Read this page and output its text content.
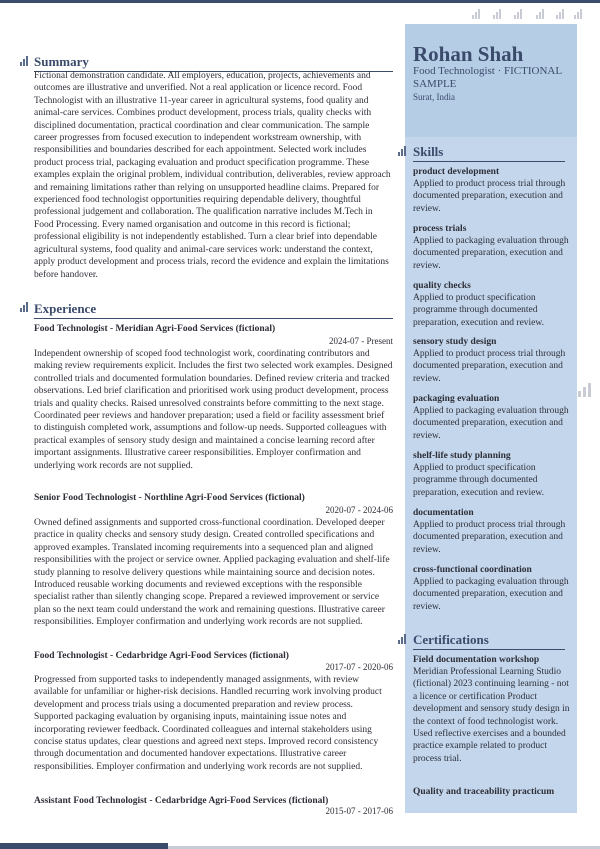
Rohan Shah
Food Technologist · FICTIONAL SAMPLE
Surat, India
Summary
Fictional demonstration candidate. All employers, education, projects, achievements and outcomes are illustrative and unverified. Not a real application or licence record. Food Technologist with an illustrative 11-year career in agricultural systems, food quality and animal-care services. Combines product development, process trials, quality checks with disciplined documentation, practical coordination and clear communication. The sample career progresses from focused execution to independent workstream ownership, with responsibilities and boundaries described for each appointment. Selected work includes product process trial, packaging evaluation and product specification programme. These examples explain the original problem, individual contribution, deliverables, review approach and remaining limitations rather than relying on unsupported headline claims. Prepared for experienced food technologist opportunities requiring dependable delivery, thoughtful professional judgement and collaboration. The qualification narrative includes M.Tech in Food Processing. Every named organisation and outcome in this record is fictional; professional eligibility is not independently established. Turn a clear brief into dependable agricultural systems, food quality and animal-care services work: understand the context, apply product development and process trials, record the evidence and explain the limitations before handover.
Experience
Food Technologist - Meridian Agri-Food Services (fictional)
2024-07 - Present
Independent ownership of scoped food technologist work, coordinating contributors and making review requirements explicit. Includes the first two selected work examples. Designed controlled trials and documented formulation boundaries. Defined review criteria and tracked observations. Led brief clarification and prioritised work using product development, process trials and quality checks. Raised unresolved constraints before committing to the next stage. Coordinated peer reviews and handover preparation; used a field or facility assessment brief to distinguish completed work, assumptions and follow-up needs. Supported colleagues with practical examples of sensory study design and maintained a concise learning record after important assignments. Illustrative career responsibilities. Employer confirmation and underlying work records are not supplied.
Senior Food Technologist - Northline Agri-Food Services (fictional)
2020-07 - 2024-06
Owned defined assignments and supported cross-functional coordination. Developed deeper practice in quality checks and sensory study design. Created controlled specifications and approved examples. Translated incoming requirements into a sequenced plan and aligned responsibilities with the project or service owner. Applied packaging evaluation and shelf-life study planning to resolve delivery questions while maintaining source and decision notes. Introduced reusable working documents and reviewed exceptions with the responsible specialist rather than silently changing scope. Prepared a reviewed improvement or service plan so the next team could understand the work and remaining questions. Illustrative career responsibilities. Employer confirmation and underlying work records are not supplied.
Food Technologist - Cedarbridge Agri-Food Services (fictional)
2017-07 - 2020-06
Progressed from supported tasks to independently managed assignments, with review available for unfamiliar or higher-risk decisions. Handled recurring work involving product development and process trials using a documented preparation and review process. Supported packaging evaluation by organising inputs, maintaining issue notes and incorporating reviewer feedback. Coordinated colleagues and internal stakeholders using concise status updates, clear questions and agreed next steps. Improved record consistency through documentation and documented handover expectations. Illustrative career responsibilities. Employer confirmation and underlying work records are not supplied.
Assistant Food Technologist - Cedarbridge Agri-Food Services (fictional)
2015-07 - 2017-06
Skills
product development
Applied to product process trial through documented preparation, execution and review.
process trials
Applied to packaging evaluation through documented preparation, execution and review.
quality checks
Applied to product specification programme through documented preparation, execution and review.
sensory study design
Applied to product process trial through documented preparation, execution and review.
packaging evaluation
Applied to packaging evaluation through documented preparation, execution and review.
shelf-life study planning
Applied to product specification programme through documented preparation, execution and review.
documentation
Applied to product process trial through documented preparation, execution and review.
cross-functional coordination
Applied to packaging evaluation through documented preparation, execution and review.
Certifications
Field documentation workshop
Meridian Professional Learning Studio (fictional) 2023 continuing learning - not a licence or certification Product development and sensory study design in the context of food technologist work. Used reflective exercises and a bounded practice example related to product process trial.
Quality and traceability practicum
